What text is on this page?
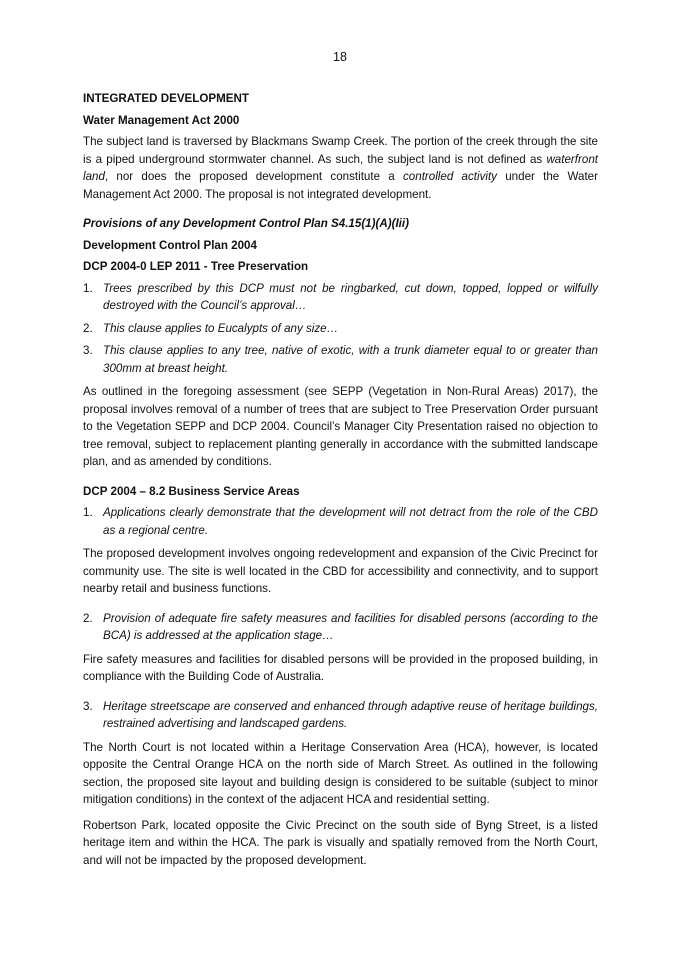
18
INTEGRATED DEVELOPMENT
Water Management Act 2000

The subject land is traversed by Blackmans Swamp Creek. The portion of the creek through the site is a piped underground stormwater channel. As such, the subject land is not defined as waterfront land, nor does the proposed development constitute a controlled activity under the Water Management Act 2000. The proposal is not integrated development.

Provisions of any Development Control Plan S4.15(1)(A)(Iii)
Development Control Plan 2004
DCP 2004-0 LEP 2011 - Tree Preservation
1. Trees prescribed by this DCP must not be ringbarked, cut down, topped, lopped or wilfully destroyed with the Council’s approval…
2. This clause applies to Eucalypts of any size…
3. This clause applies to any tree, native of exotic, with a trunk diameter equal to or greater than 300mm at breast height.

As outlined in the foregoing assessment (see SEPP (Vegetation in Non-Rural Areas) 2017), the proposal involves removal of a number of trees that are subject to Tree Preservation Order pursuant to the Vegetation SEPP and DCP 2004. Council’s Manager City Presentation raised no objection to tree removal, subject to replacement planting generally in accordance with the submitted landscape plan, and as amended by conditions.

DCP 2004 – 8.2 Business Service Areas
1. Applications clearly demonstrate that the development will not detract from the role of the CBD as a regional centre.

The proposed development involves ongoing redevelopment and expansion of the Civic Precinct for community use. The site is well located in the CBD for accessibility and connectivity, and to support nearby retail and business functions.

2. Provision of adequate fire safety measures and facilities for disabled persons (according to the BCA) is addressed at the application stage…

Fire safety measures and facilities for disabled persons will be provided in the proposed building, in compliance with the Building Code of Australia.

3. Heritage streetscape are conserved and enhanced through adaptive reuse of heritage buildings, restrained advertising and landscaped gardens.

The North Court is not located within a Heritage Conservation Area (HCA), however, is located opposite the Central Orange HCA on the north side of March Street. As outlined in the following section, the proposed site layout and building design is considered to be suitable (subject to minor mitigation conditions) in the context of the adjacent HCA and residential setting.

Robertson Park, located opposite the Civic Precinct on the south side of Byng Street, is a listed heritage item and within the HCA. The park is visually and spatially removed from the North Court, and will not be impacted by the proposed development.
